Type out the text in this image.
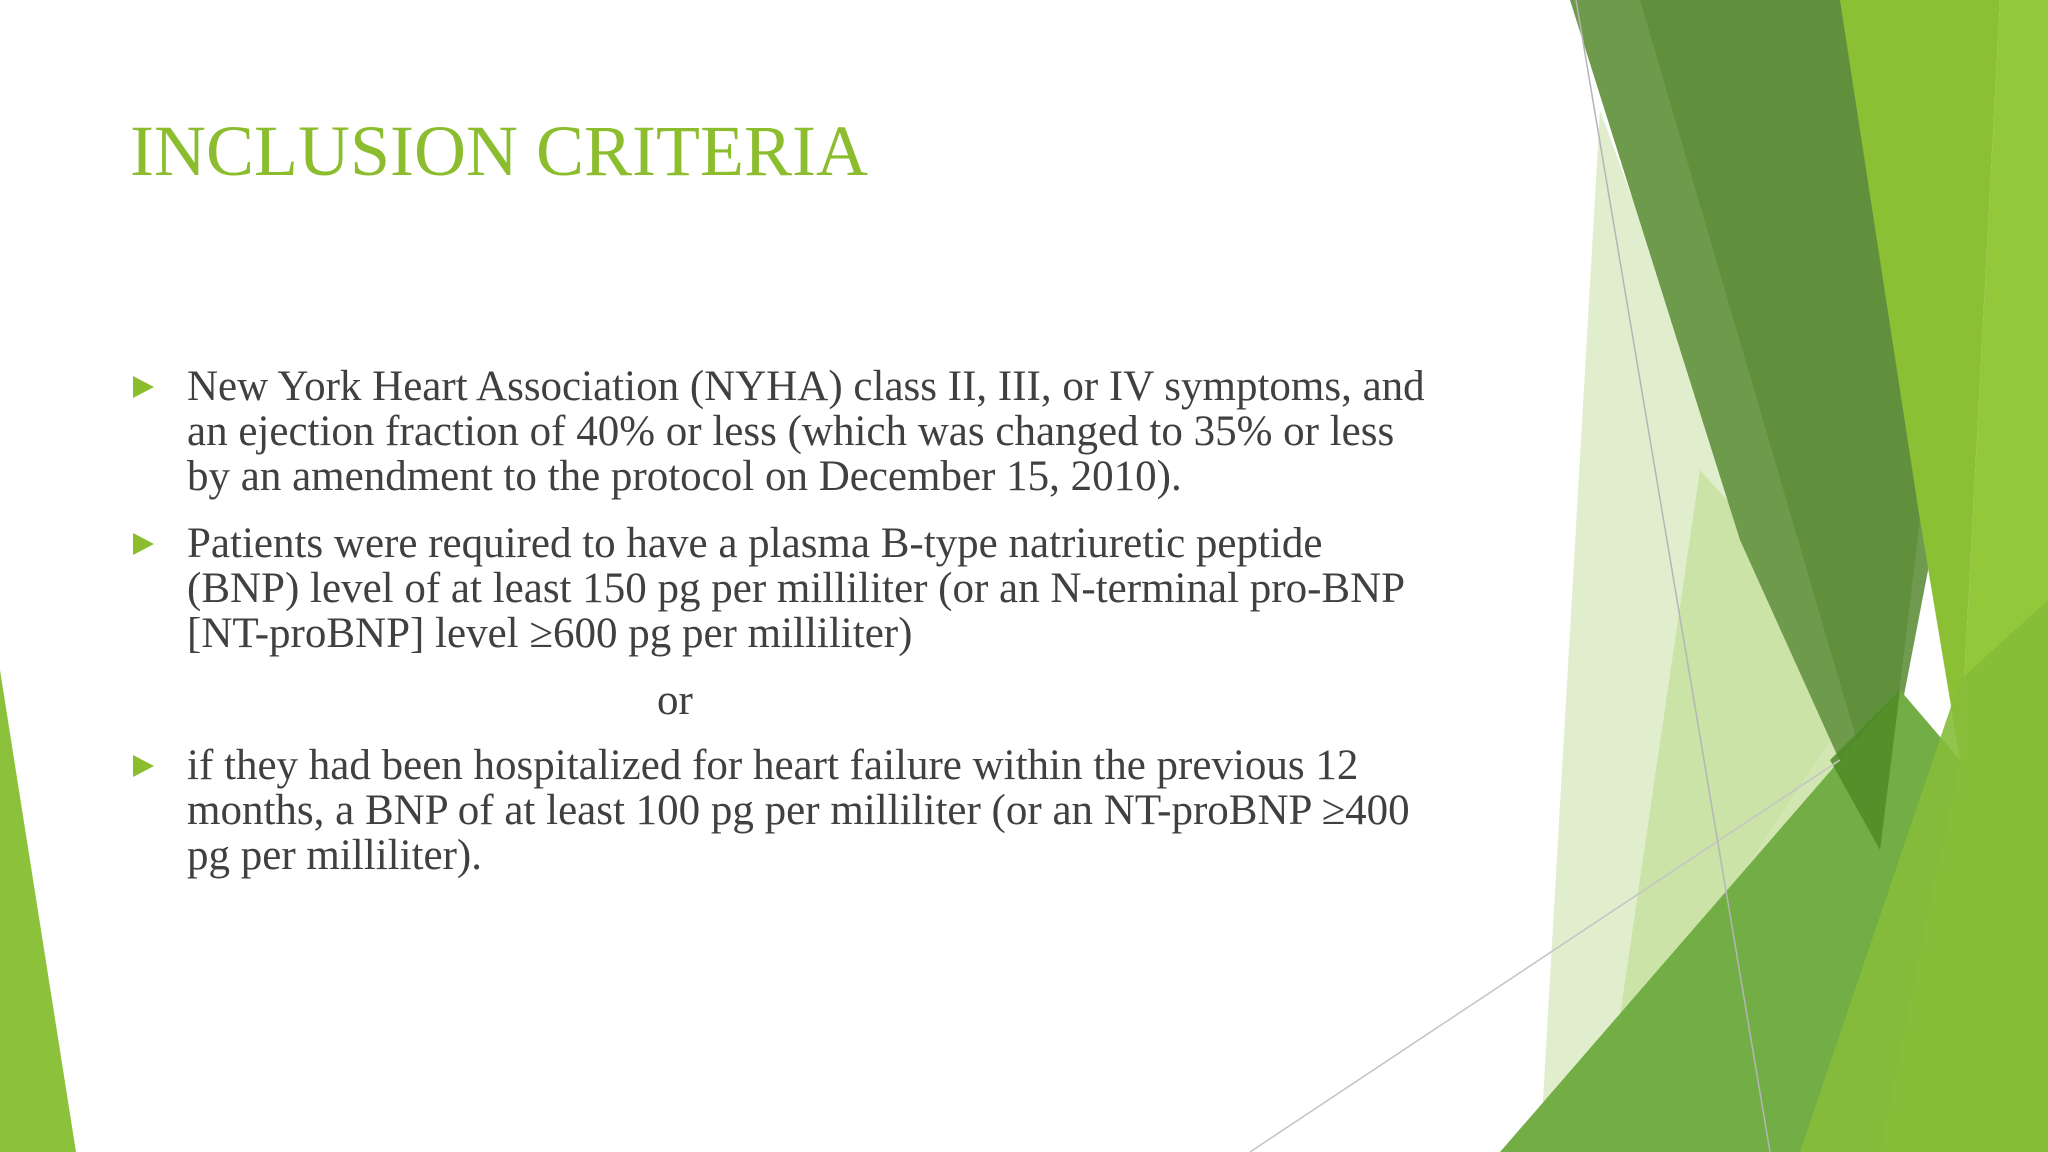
INCLUSION CRITERIA
New York Heart Association (NYHA) class II, III, or IV symptoms, and
an ejection fraction of 40% or less (which was changed to 35% or less
by an amendment to the protocol on December 15, 2010).
Patients were required to have a plasma B-type natriuretic peptide
(BNP) level of at least 150 pg per milliliter (or an N-terminal pro-BNP
[NT-proBNP] level ≥600 pg per milliliter)
or
if they had been hospitalized for heart failure within the previous 12
months, a BNP of at least 100 pg per milliliter (or an NT-proBNP ≥400
pg per milliliter).
